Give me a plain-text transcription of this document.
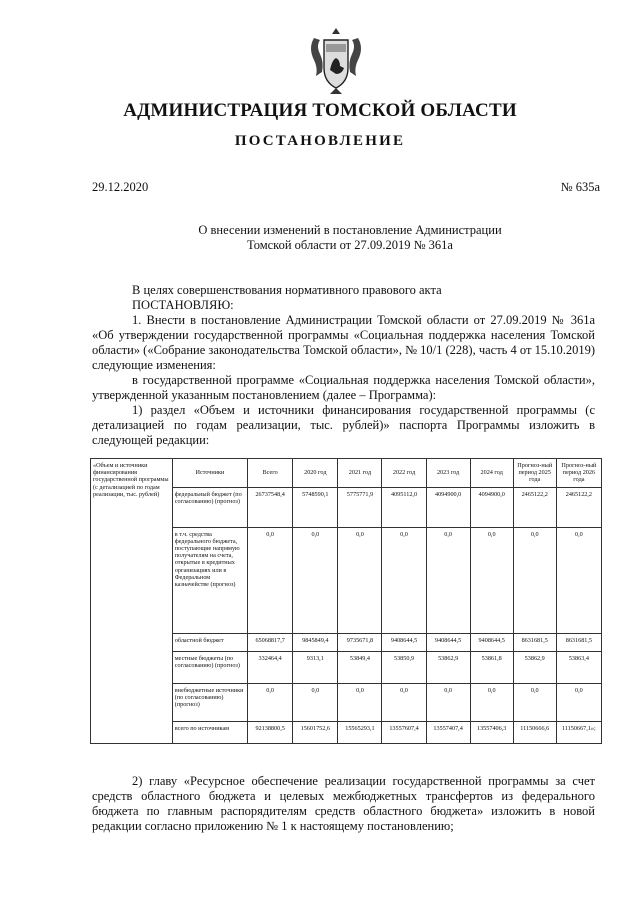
АДМИНИСТРАЦИЯ ТОМСКОЙ ОБЛАСТИ
ПОСТАНОВЛЕНИЕ
29.12.2020	№ 635а
О внесении изменений в постановление Администрации
Томской области от 27.09.2019 № 361а

В целях совершенствования нормативного правового акта

ПОСТАНОВЛЯЮ:

1. Внести в постановление Администрации Томской области от 27.09.2019 № 361а «Об утверждении государственной программы «Социальная поддержка населения Томской области» («Собрание законодательства Томской области», № 10/1 (228), часть 4 от 15.10.2019) следующие изменения:

в государственной программе «Социальная поддержка населения Томской области», утвержденной указанным постановлением (далее – Программа):

1) раздел «Объем и источники финансирования государственной программы (с детализацией по годам реализации, тыс. рублей)» паспорта Программы изложить в следующей редакции:

«Объем и источники финансирования государственной программы (с детализацией по годам реализации, тыс. рублей)	Источники	Всего	2020 год	2021 год	2022 год	2023 год	2024 год	Прогноз-ный период 2025 года	Прогноз-ный период 2026 года
	федеральный бюджет (по согласованию) (прогноз)	26737548,4	5748590,1	5775771,9	4095112,0	4094900,0	4094900,0	2465122,2	2465122,2
	в т.ч. средства федерального бюджета, поступающие напрямую получателям на счета, открытые в кредитных организациях или в Федеральном казначействе (прогноз)	0,0	0,0	0,0	0,0	0,0	0,0	0,0	0,0
	областной бюджет	65068817,7	9845849,4	9735671,8	9408644,5	9408644,5	9408644,5	8631681,5	8631681,5
	местные бюджеты (по согласованию) (прогноз)	332464,4	9313,1	53849,4	53850,9	53862,9	53861,8	53862,9	53863,4
	внебюджетные источники (по согласованию) (прогноз)	0,0	0,0	0,0	0,0	0,0	0,0	0,0	0,0
	всего по источникам	92138800,5	15601752,6	15565293,1	13557607,4	13557407,4	13557406,3	11150666,6	11150667,1»;

2) главу «Ресурсное обеспечение реализации государственной программы за счет средств областного бюджета и целевых межбюджетных трансфертов из федерального бюджета по главным распорядителям средств областного бюджета» изложить в новой редакции согласно приложению № 1 к настоящему постановлению;
